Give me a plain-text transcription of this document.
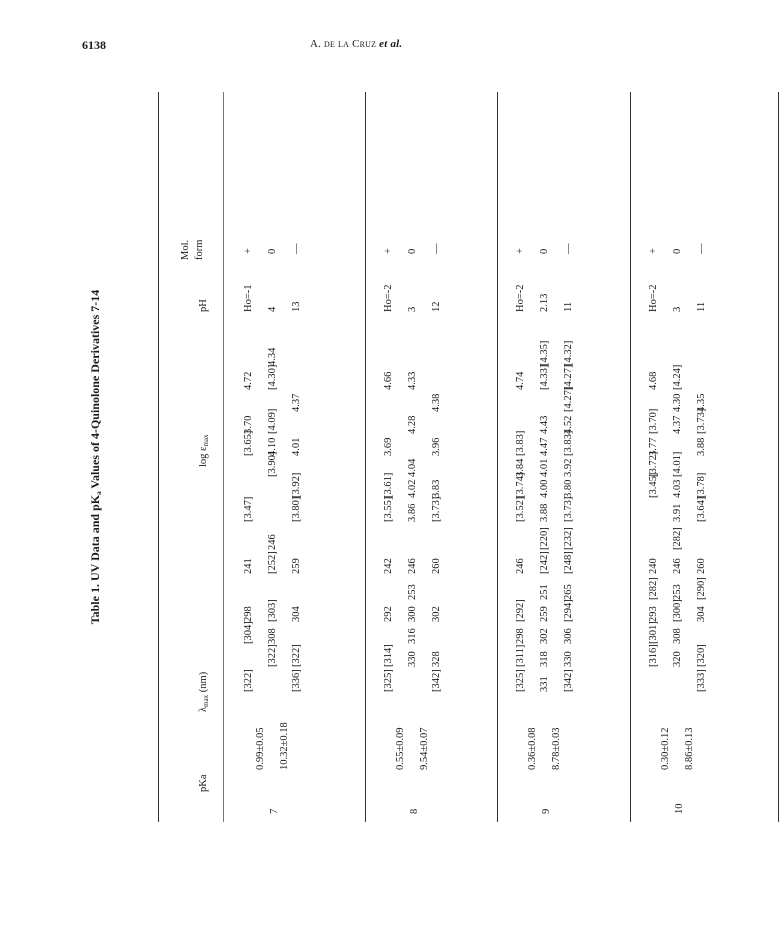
6138	A. de la Cruz et al.
Table 1. UV Data and $pK_a$ Values of 4-Quinolone Derivatives 7-14
pKa
$\lambda_{max}$ (nm)
$\log \varepsilon_{max}$
pH
Mol. form
7
0.99±0.05 10.32±0.18
[322]
[304]
298
241
[3.47]
[3.65]
3.70
4.72
Ho=-1
+
[322]
308
[303]
[252]
246
[3.90]
4.10
[4.09]
[4.30]
4.34
4
0
[336]
[322]
304
259
[3.80]
[3.92]
4.01
4.37
13
—
8
0.55±0.09 9.54±0.07
[325]
[314]
292
242
[3.55]
[3.61]
3.69
4.66
Ho=-2
+
330
316
300
253
246
3.86
4.02
4.04
4.28
4.33
3
0
[342]
328
302
260
[3.73]
3.83
3.96
4.38
12
—
9
0.36±0.08 8.78±0.03
[325]
[311]
298
[292]
246
[3.52]
[3.74]
3.84
[3.83]
4.74
Ho=-2
+
331
318
302
259
251
[242]
[220]
3.88
4.00
4.01
4.47
4.43
[4.33]
[4.35]
2.13
0
[342]
330
306
[294]
265
[248]
[232]
[3.73]
3.80
3.92
[3.83]
4.52
[4.27]
[4.27]
[4.32]
11
—
10
0.30±0.12 8.86±0.13
[316]
[301]
293
[282]
240
[3.45]
[3.72]
3.77
[3.70]
4.68
Ho=-2
+
320
308
[300]
253
246
[282]
3.91
4.03
[4.01]
4.37
4.30
[4.24]
3
0
[333]
[320]
304
[290]
260
[3.64]
[3.78]
3.88
[3.73]
4.35
11
—
